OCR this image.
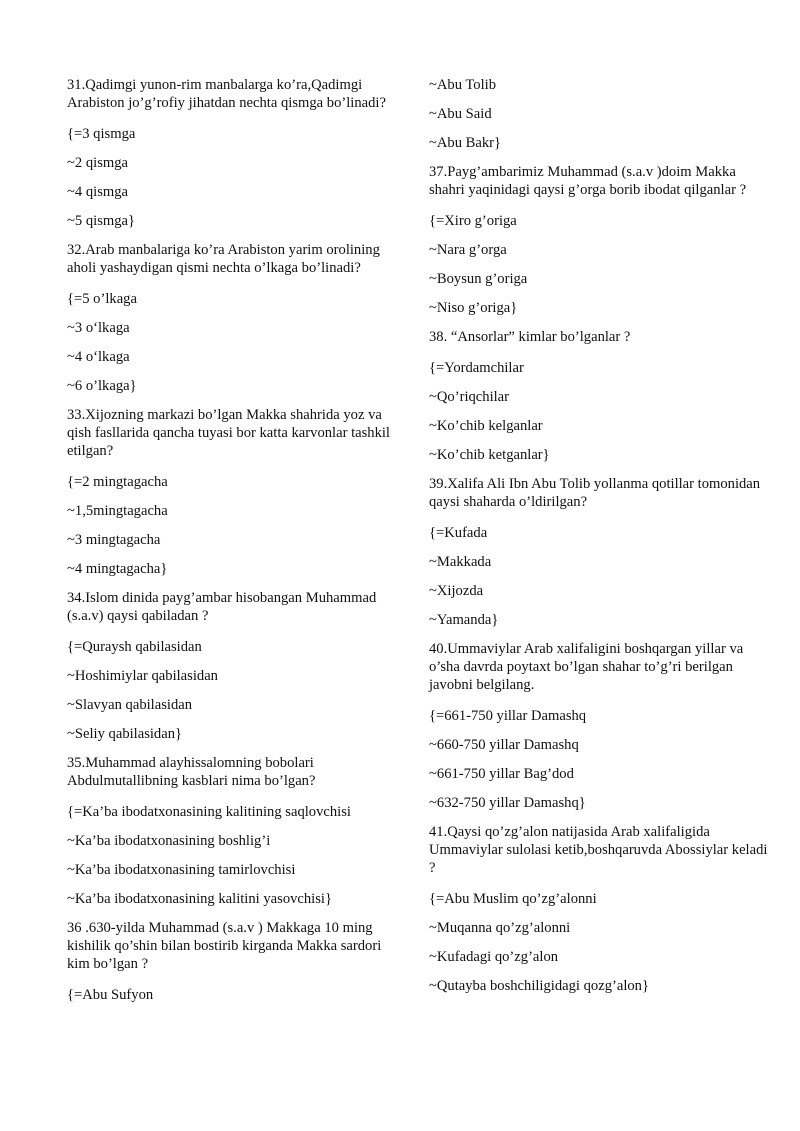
31.Qadimgi yunon-rim manbalarga ko’ra,Qadimgi Arabiston jo’g’rofiy jihatdan nechta qismga bo’linadi?

{=3 qismga

~2 qismga

~4 qismga

~5 qismga}

32.Arab manbalariga ko’ra Arabiston yarim orolining aholi yashaydigan qismi nechta o’lkaga bo’linadi?

{=5 o’lkaga

~3 o‘lkaga

~4 o‘lkaga

~6 o’lkaga}

33.Xijozning markazi bo’lgan Makka shahrida yoz va qish fasllarida qancha tuyasi bor katta karvonlar tashkil etilgan?

{=2 mingtagacha

~1,5mingtagacha

~3 mingtagacha

~4 mingtagacha}

34.Islom dinida payg’ambar hisobangan Muhammad (s.a.v) qaysi qabiladan ?

{=Quraysh qabilasidan

~Hoshimiylar qabilasidan

~Slavyan qabilasidan

~Seliy qabilasidan}

35.Muhammad alayhissalomning bobolari Abdulmutallibning kasblari nima bo’lgan?

{=Ka’ba ibodatxonasining kalitining saqlovchisi

~Ka’ba ibodatxonasining boshlig’i

~Ka’ba ibodatxonasining tamirlovchisi

~Ka’ba ibodatxonasining kalitini yasovchisi}

36 .630-yilda Muhammad (s.a.v ) Makkaga 10 ming kishilik qo’shin bilan bostirib kirganda Makka sardori kim bo’lgan ?

{=Abu Sufyon

~Abu Tolib

~Abu Said

~Abu Bakr}

37.Payg’ambarimiz Muhammad (s.a.v )doim Makka shahri yaqinidagi qaysi g’orga borib ibodat qilganlar ?

{=Xiro g’origa

~Nara g’orga

~Boysun g’origa

~Niso g’origa}

38. “Ansorlar” kimlar bo’lganlar ?

{=Yordamchilar

~Qo’riqchilar

~Ko’chib kelganlar

~Ko’chib ketganlar}

39.Xalifa Ali Ibn Abu Tolib yollanma qotillar tomonidan qaysi shaharda o’ldirilgan?

{=Kufada

~Makkada

~Xijozda

~Yamanda}

40.Ummaviylar Arab xalifaligini boshqargan yillar va o’sha davrda poytaxt bo’lgan shahar to’g’ri berilgan javobni belgilang.

{=661-750 yillar Damashq

~660-750 yillar Damashq

~661-750 yillar Bag’dod

~632-750 yillar Damashq}

41.Qaysi qo’zg’alon natijasida Arab xalifaligida Ummaviylar sulolasi ketib,boshqaruvda Abossiylar keladi ?

{=Abu Muslim qo’zg’alonni

~Muqanna qo’zg’alonni

~Kufadagi qo’zg’alon

~Qutayba boshchiligidagi qozg’alon}
